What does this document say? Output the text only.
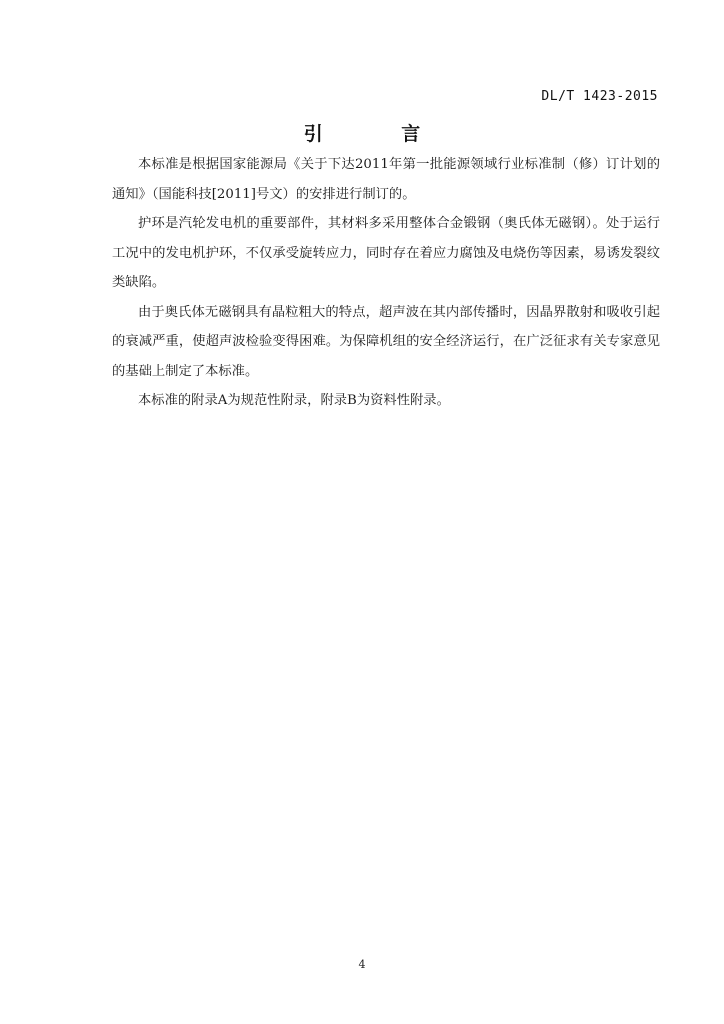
DL/T 1423-2015
引 言

本标准是根据国家能源局《关于下达2011年第一批能源领域行业标准制（修）订计划的通知》（国能科技[2011]号文）的安排进行制订的。

护环是汽轮发电机的重要部件，其材料多采用整体合金锻钢（奥氏体无磁钢）。处于运行工况中的发电机护环，不仅承受旋转应力，同时存在着应力腐蚀及电烧伤等因素，易诱发裂纹类缺陷。

由于奥氏体无磁钢具有晶粒粗大的特点，超声波在其内部传播时，因晶界散射和吸收引起的衰减严重，使超声波检验变得困难。为保障机组的安全经济运行，在广泛征求有关专家意见的基础上制定了本标准。

本标准的附录A为规范性附录，附录B为资料性附录。

4
